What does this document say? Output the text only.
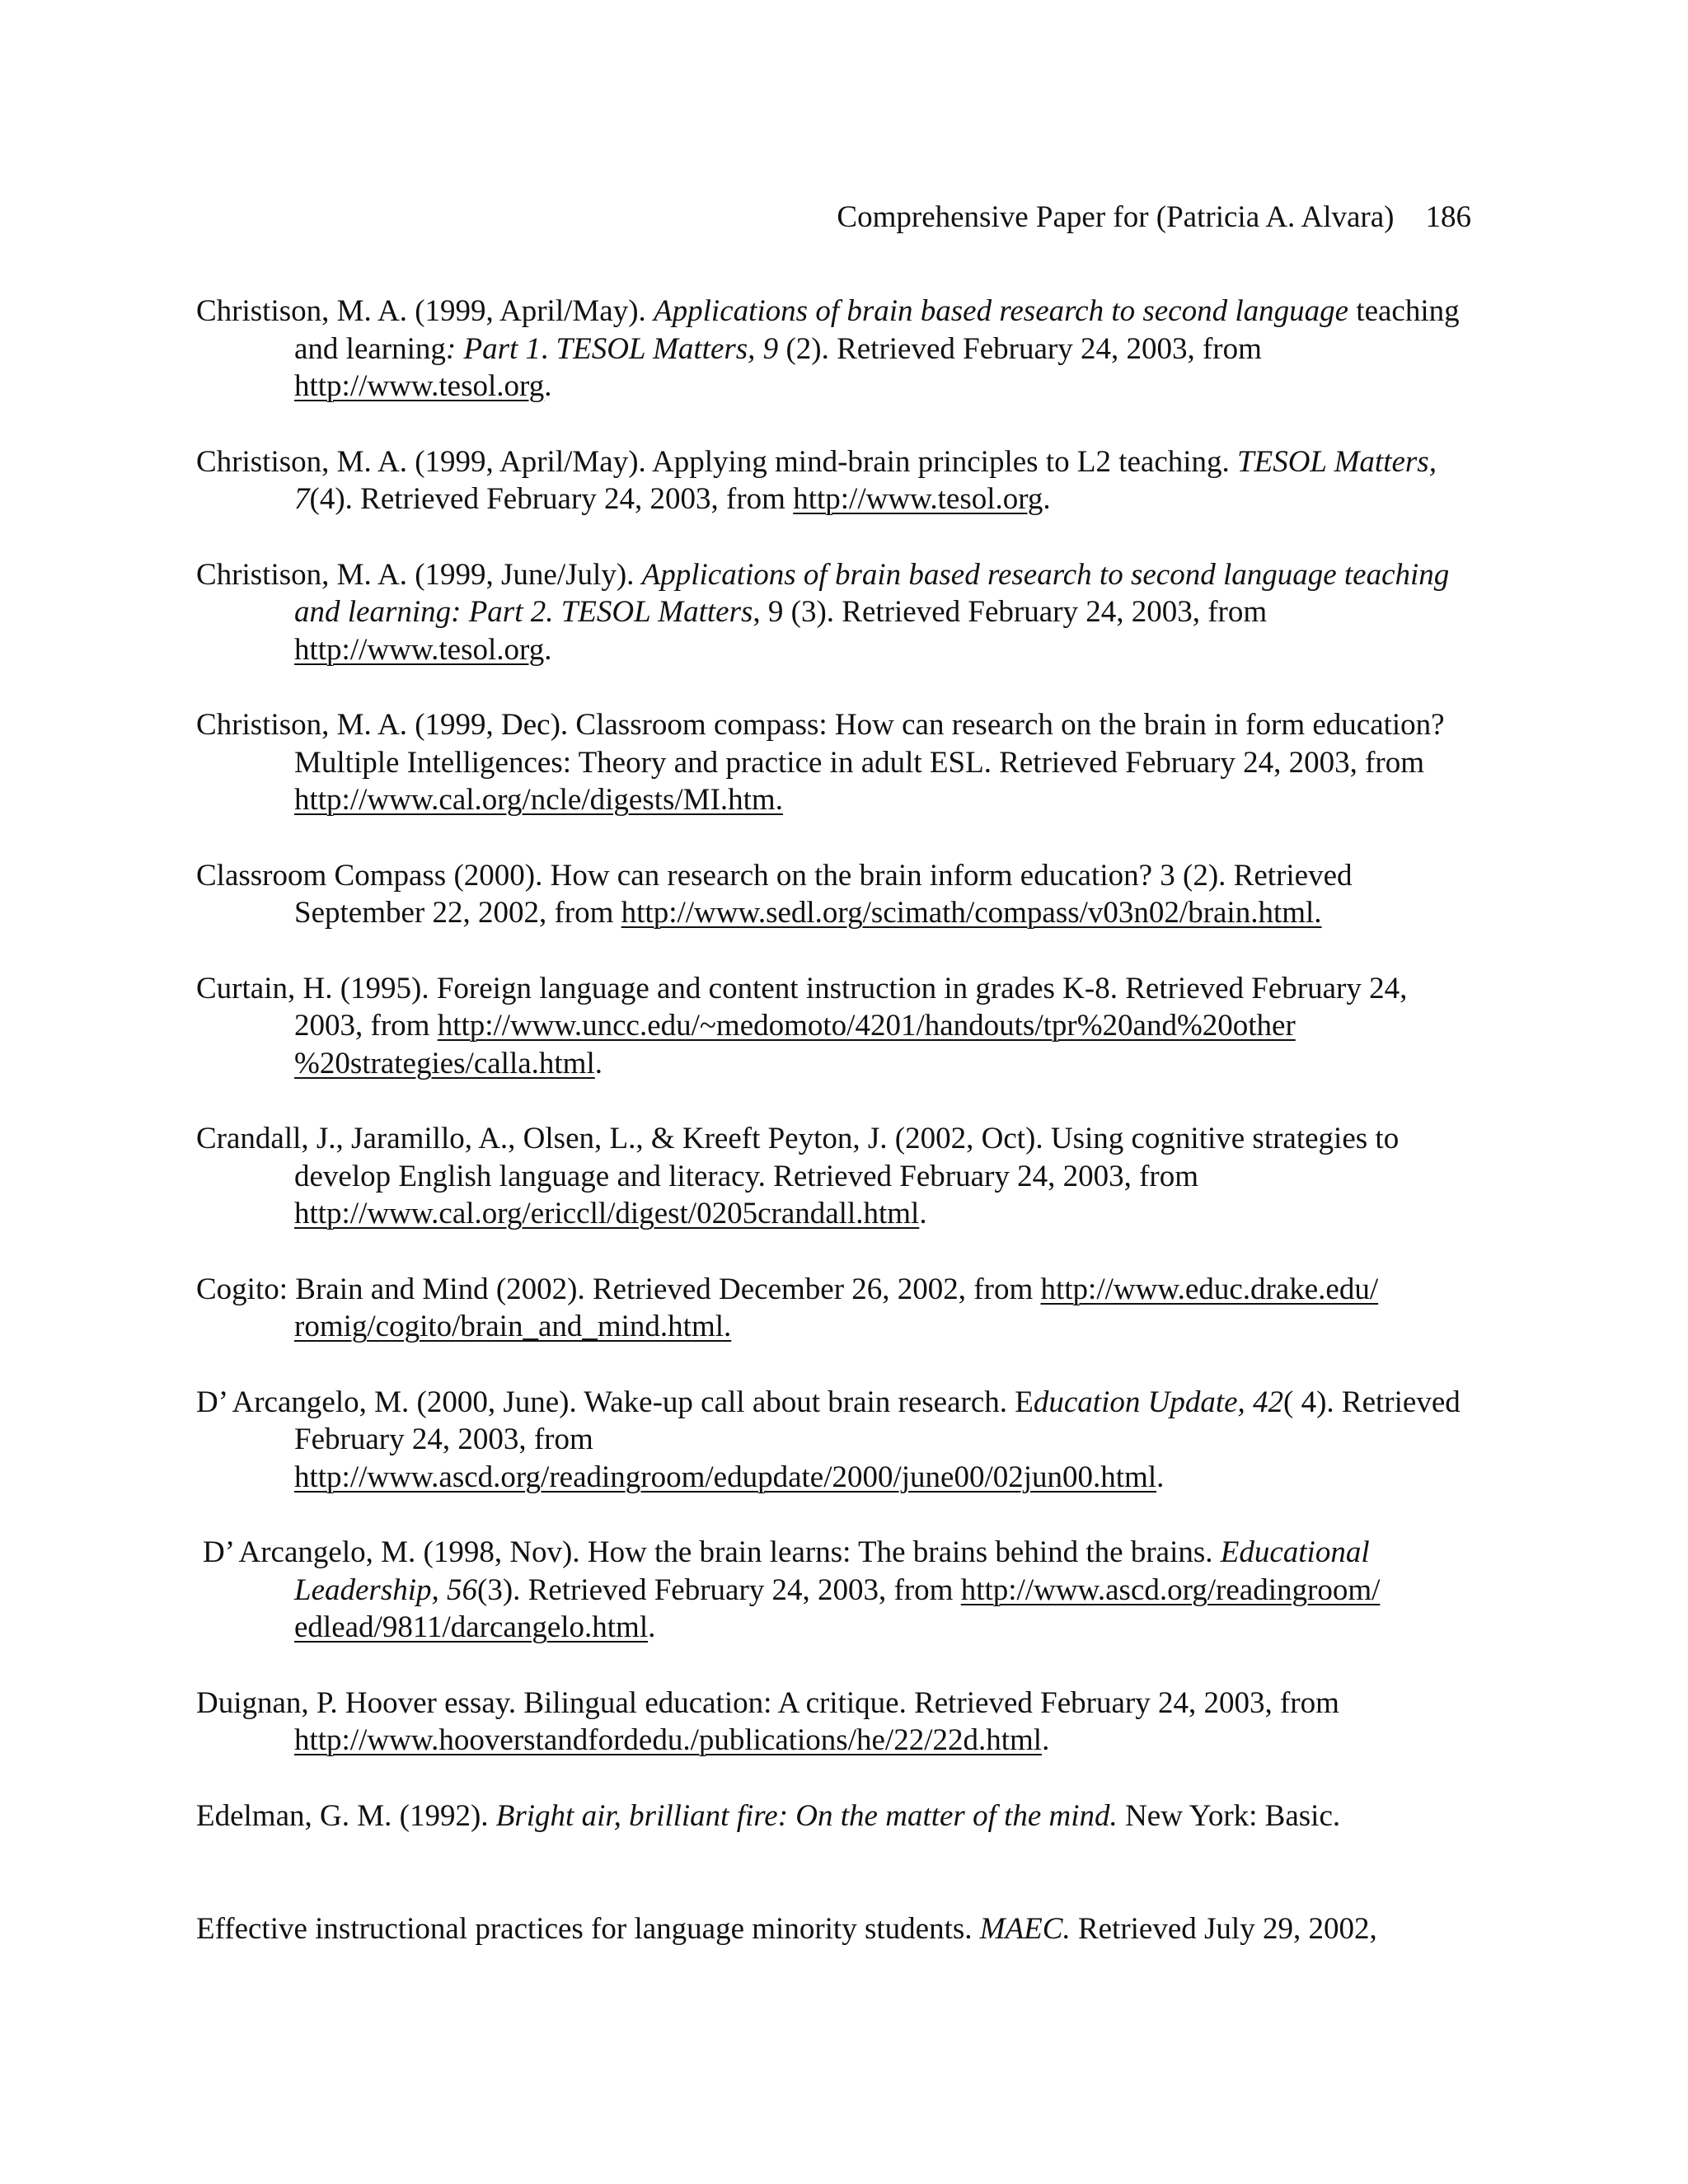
Comprehensive Paper for (Patricia A. Alvara) 186
Christison, M. A. (1999, April/May). Applications of brain based research to second language teaching and learning: Part 1. TESOL Matters, 9 (2). Retrieved February 24, 2003, from
http://www.tesol.org.
Christison, M. A. (1999, April/May). Applying mind-brain principles to L2 teaching. TESOL Matters, 7(4). Retrieved February 24, 2003, from http://www.tesol.org.
Christison, M. A. (1999, June/July). Applications of brain based research to second language teaching and learning: Part 2. TESOL Matters, 9 (3). Retrieved February 24, 2003, from
http://www.tesol.org.
Christison, M. A. (1999, Dec). Classroom compass: How can research on the brain in form education? Multiple Intelligences: Theory and practice in adult ESL. Retrieved February 24, 2003, from http://www.cal.org/ncle/digests/MI.htm.
Classroom Compass (2000). How can research on the brain inform education? 3 (2). Retrieved September 22, 2002, from http://www.sedl.org/scimath/compass/v03n02/brain.html.
Curtain, H. (1995). Foreign language and content instruction in grades K-8. Retrieved February 24, 2003, from http://www.uncc.edu/~medomoto/4201/handouts/tpr%20and%20other
%20strategies/calla.html.
Crandall, J., Jaramillo, A., Olsen, L., & Kreeft Peyton, J. (2002, Oct). Using cognitive strategies to develop English language and literacy. Retrieved February 24, 2003, from
http://www.cal.org/ericcll/digest/0205crandall.html.
Cogito: Brain and Mind (2002). Retrieved December 26, 2002, from http://www.educ.drake.edu/
romig/cogito/brain_and_mind.html.
D’ Arcangelo, M. (2000, June). Wake-up call about brain research. Education Update, 42( 4). Retrieved February 24, 2003, from
http://www.ascd.org/readingroom/edupdate/2000/june00/02jun00.html.
D’ Arcangelo, M. (1998, Nov). How the brain learns: The brains behind the brains. Educational Leadership, 56(3). Retrieved February 24, 2003, from http://www.ascd.org/readingroom/
edlead/9811/darcangelo.html.
Duignan, P. Hoover essay. Bilingual education: A critique. Retrieved February 24, 2003, from
http://www.hooverstandfordedu./publications/he/22/22d.html.
Edelman, G. M. (1992). Bright air, brilliant fire: On the matter of the mind. New York: Basic.
Effective instructional practices for language minority students. MAEC. Retrieved July 29, 2002,
